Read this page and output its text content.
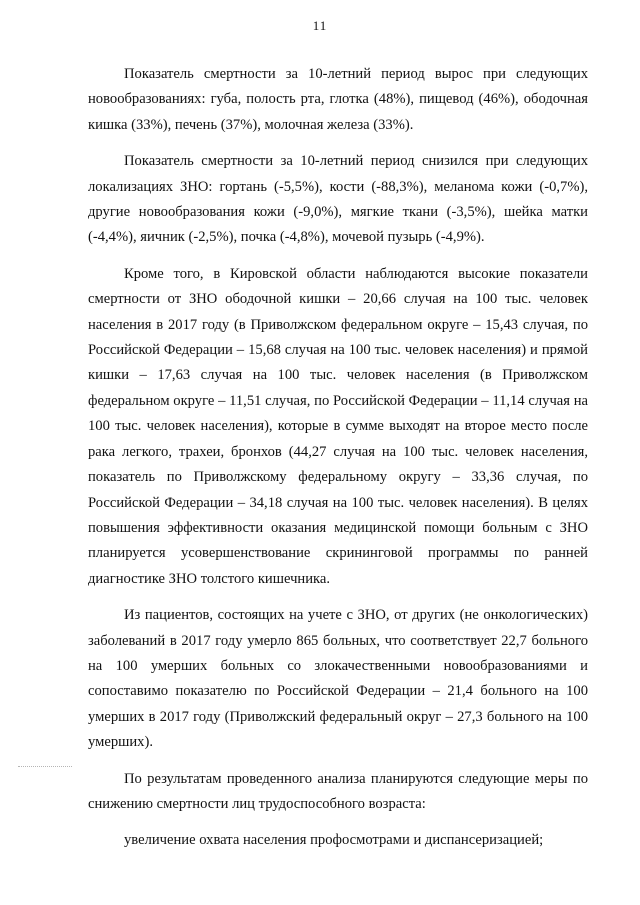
11

Показатель смертности за 10-летний период вырос при следующих новообразованиях: губа, полость рта, глотка (48%), пищевод (46%), ободочная кишка (33%), печень (37%), молочная железа (33%).

Показатель смертности за 10-летний период снизился при следующих локализациях ЗНО: гортань (-5,5%), кости (-88,3%), меланома кожи (-0,7%), другие новообразования кожи (-9,0%), мягкие ткани (-3,5%), шейка матки (-4,4%), яичник (-2,5%), почка (-4,8%), мочевой пузырь (-4,9%).

Кроме того, в Кировской области наблюдаются высокие показатели смертности от ЗНО ободочной кишки – 20,66 случая на 100 тыс. человек населения в 2017 году (в Приволжском федеральном округе – 15,43 случая, по Российской Федерации – 15,68 случая на 100 тыс. человек населения) и прямой кишки – 17,63 случая на 100 тыс. человек населения (в Приволжском федеральном округе – 11,51 случая, по Российской Федерации – 11,14 случая на 100 тыс. человек населения), которые в сумме выходят на второе место после рака легкого, трахеи, бронхов (44,27 случая на 100 тыс. человек населения, показатель по Приволжскому федеральному округу – 33,36 случая, по Российской Федерации – 34,18 случая на 100 тыс. человек населения). В целях повышения эффективности оказания медицинской помощи больным с ЗНО планируется усовершенствование скрининговой программы по ранней диагностике ЗНО толстого кишечника.

Из пациентов, состоящих на учете с ЗНО, от других (не онкологических) заболеваний в 2017 году умерло 865 больных, что соответствует 22,7 больного на 100 умерших больных со злокачественными новообразованиями и сопоставимо показателю по Российской Федерации – 21,4 больного на 100 умерших в 2017 году (Приволжский федеральный округ – 27,3 больного на 100 умерших).

По результатам проведенного анализа планируются следующие меры по снижению смертности лиц трудоспособного возраста:

увеличение охвата населения профосмотрами и диспансеризацией;
